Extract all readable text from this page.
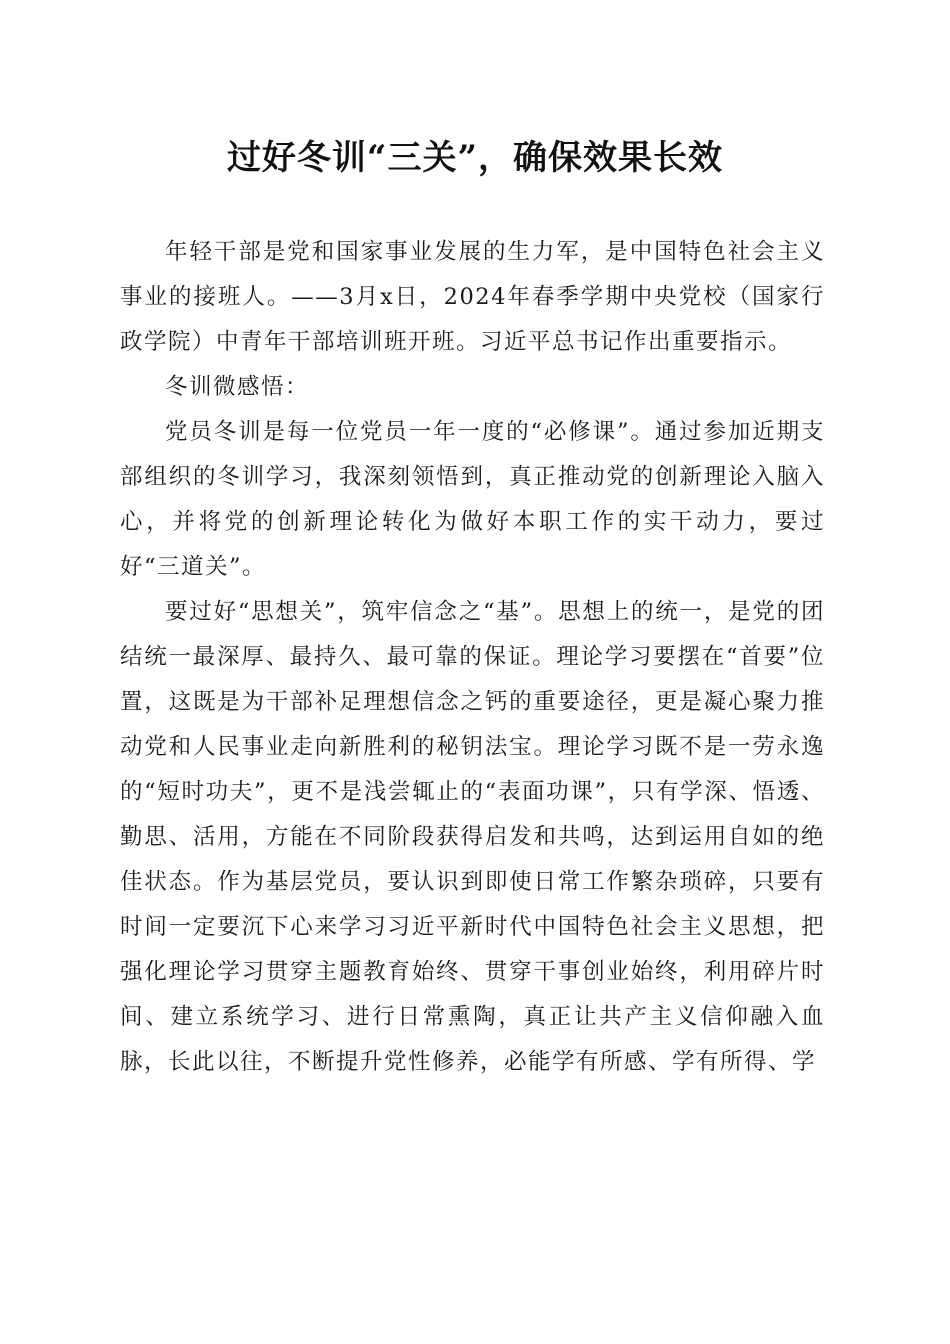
过好冬训“三关”，确保效果长效

年轻干部是党和国家事业发展的生力军，是中国特色社会主义事业的接班人。——3月x日，2024年春季学期中央党校（国家行政学院）中青年干部培训班开班。习近平总书记作出重要指示。

冬训微感悟：

党员冬训是每一位党员一年一度的“必修课”。通过参加近期支部组织的冬训学习，我深刻领悟到，真正推动党的创新理论入脑入心，并将党的创新理论转化为做好本职工作的实干动力，要过好“三道关”。

要过好“思想关”，筑牢信念之“基”。思想上的统一，是党的团结统一最深厚、最持久、最可靠的保证。理论学习要摆在“首要”位置，这既是为干部补足理想信念之钙的重要途径，更是凝心聚力推动党和人民事业走向新胜利的秘钥法宝。理论学习既不是一劳永逸的“短时功夫”，更不是浅尝辄止的“表面功课”，只有学深、悟透、勤思、活用，方能在不同阶段获得启发和共鸣，达到运用自如的绝佳状态。作为基层党员，要认识到即使日常工作繁杂琐碎，只要有时间一定要沉下心来学习习近平新时代中国特色社会主义思想，把强化理论学习贯穿主题教育始终、贯穿干事创业始终，利用碎片时间、建立系统学习、进行日常熏陶，真正让共产主义信仰融入血脉，长此以往，不断提升党性修养，必能学有所感、学有所得、学
